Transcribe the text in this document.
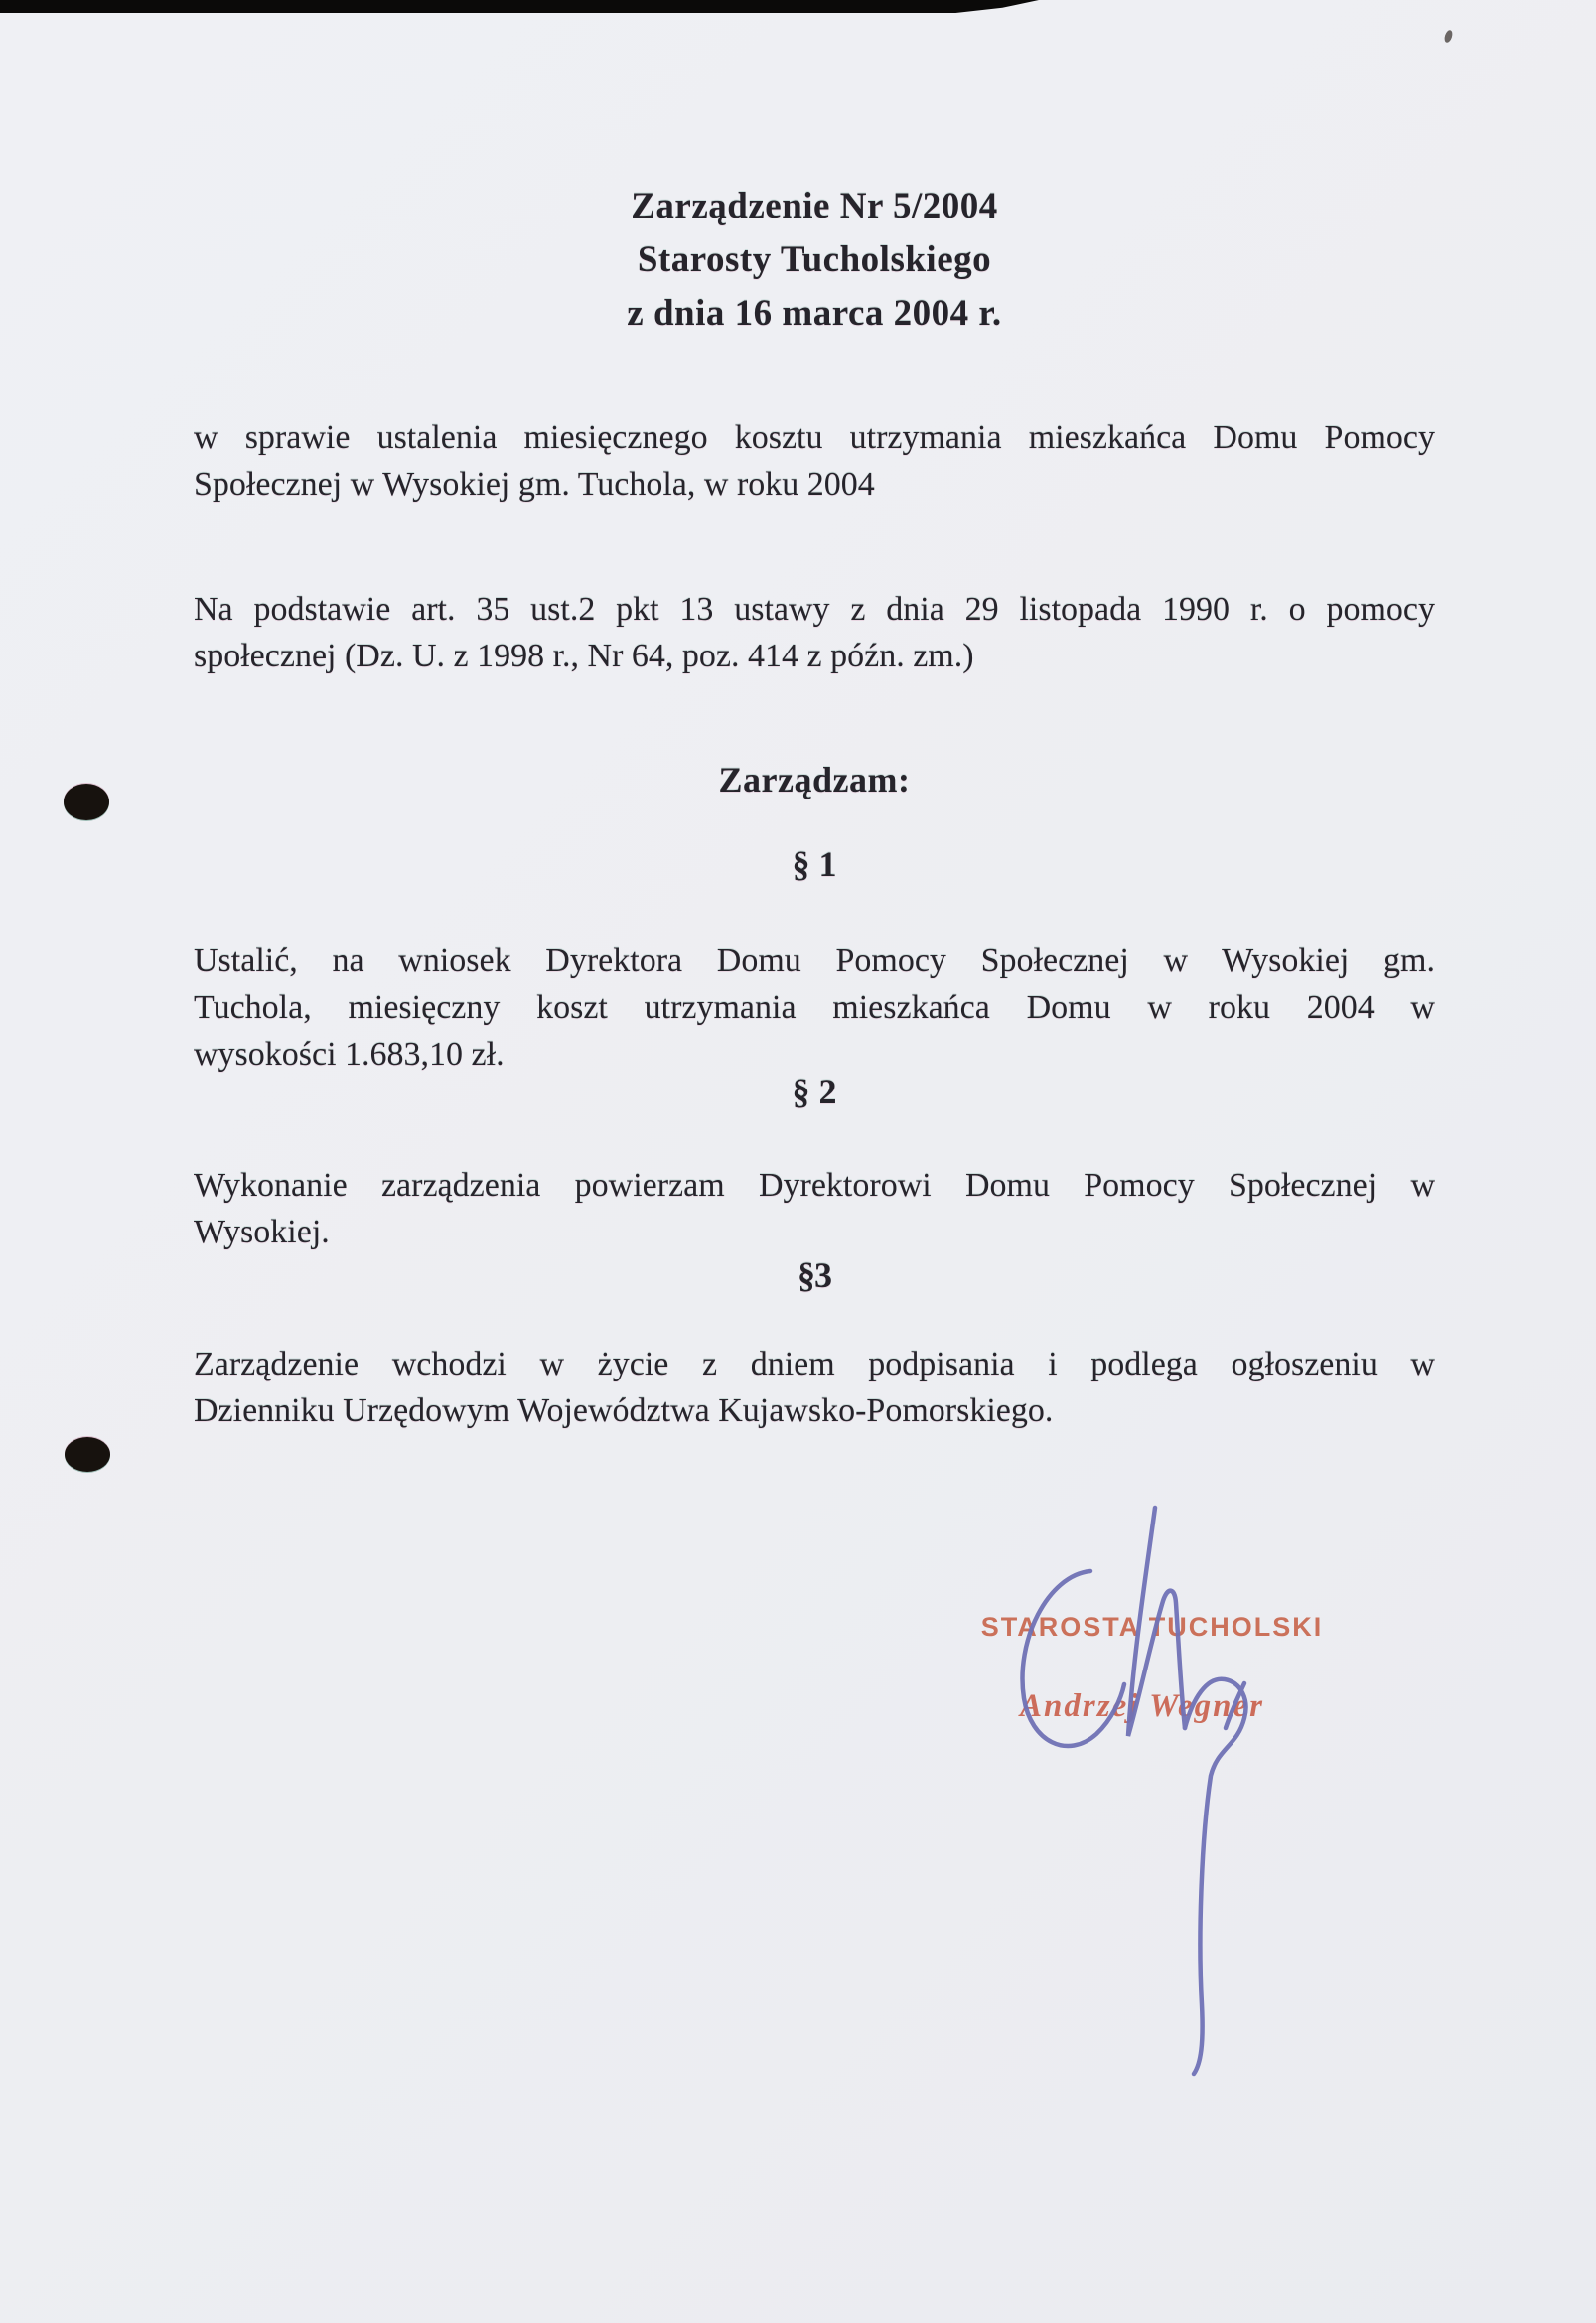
Zarządzenie Nr 5/2004
Starosty Tucholskiego
z dnia 16 marca 2004 r.
w sprawie ustalenia miesięcznego kosztu utrzymania mieszkańca Domu Pomocy
Społecznej w Wysokiej gm. Tuchola, w roku 2004
Na podstawie art. 35 ust.2 pkt 13 ustawy z dnia 29 listopada 1990 r. o pomocy
społecznej (Dz. U. z 1998 r., Nr 64, poz. 414 z późn. zm.)
Zarządzam:
§ 1
Ustalić, na wniosek Dyrektora Domu Pomocy Społecznej w Wysokiej gm.
Tuchola, miesięczny koszt utrzymania mieszkańca Domu w roku 2004 w
wysokości 1.683,10 zł.
§ 2
Wykonanie zarządzenia powierzam Dyrektorowi Domu Pomocy Społecznej w
Wysokiej.
§3
Zarządzenie wchodzi w życie z dniem podpisania i podlega ogłoszeniu w
Dzienniku Urzędowym Województwa Kujawsko-Pomorskiego.
STAROSTA TUCHOLSKI
Andrzej Wegner
